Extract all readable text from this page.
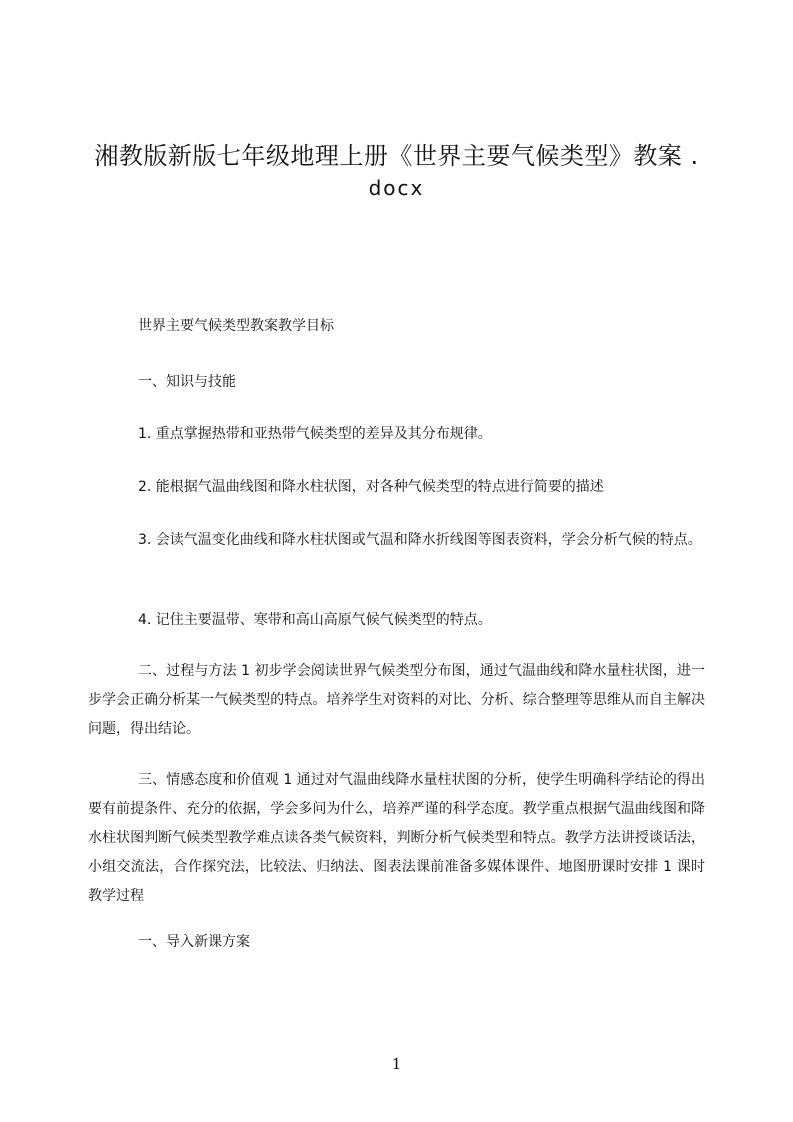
湘教版新版七年级地理上册《世界主要气候类型》教案 .
docx

世界主要气候类型教案教学目标

一、知识与技能

1. 重点掌握热带和亚热带气候类型的差异及其分布规律。

2. 能根据气温曲线图和降水柱状图，对各种气候类型的特点进行简要的描述

3. 会读气温变化曲线和降水柱状图或气温和降水折线图等图表资料，学会分析气候的特点。

4. 记住主要温带、寒带和高山高原气候气候类型的特点。

二、过程与方法 1 初步学会阅读世界气候类型分布图，通过气温曲线和降水量柱状图，进一步学会正确分析某一气候类型的特点。培养学生对资料的对比、分析、综合整理等思维从而自主解决问题，得出结论。

三、情感态度和价值观 1 通过对气温曲线降水量柱状图的分析，使学生明确科学结论的得出要有前提条件、充分的依据，学会多问为什么，培养严谨的科学态度。教学重点根据气温曲线图和降水柱状图判断气候类型教学难点读各类气候资料，判断分析气候类型和特点。教学方法讲授谈话法，小组交流法，合作探究法，比较法、归纳法、图表法课前准备多媒体课件、地图册课时安排 1 课时教学过程

一、导入新课方案

1
